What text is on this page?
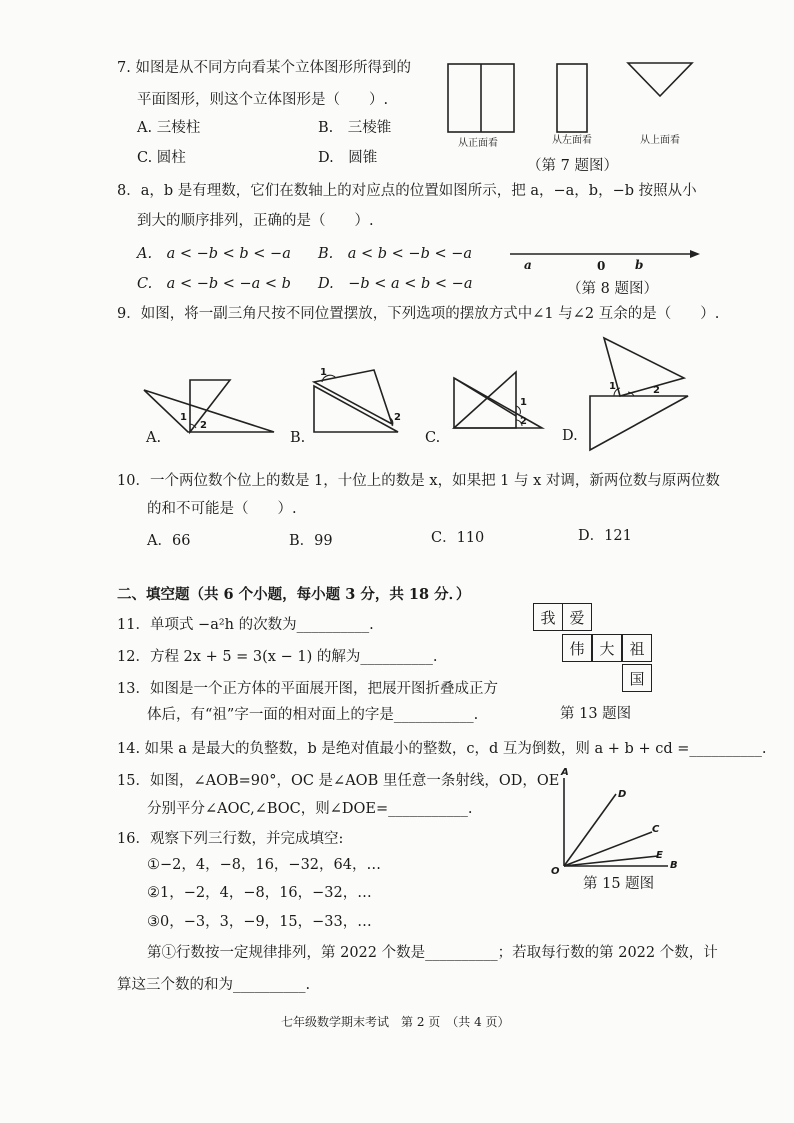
7. 如图是从不同方向看某个立体图形所得到的
平面图形，则这个立体图形是（　　）.
A. 三棱柱	B.　三棱锥
C. 圆柱	D.　圆锥
从正面看	从左面看	从上面看
（第 7 题图）
8．a，b 是有理数，它们在数轴上的对应点的位置如图所示，把 a，−a，b，−b 按照从小
到大的顺序排列，正确的是（　　）.
A.　a < −b < b < −a B.　a < b < −b < −a
C.　a < −b < −a < b D.　−b < a < b < −a
a	0 b
（第 8 题图）
9．如图，将一副三角尺按不同位置摆放，下列选项的摆放方式中∠1 与∠2 互余的是（　　）.
1
2
A.
1
2
B.
1
2
C.
1	2
D.
10．一个两位数个位上的数是 1，十位上的数是 x，如果把 1 与 x 对调，新两位数与原两位数
的和不可能是（　　）.
A．66	B．99	C．110	D．121
二、填空题（共 6 个小题，每小题 3 分，共 18 分．）
11．单项式 −a²h 的次数为__________.
12．方程 2x + 5 = 3(x − 1) 的解为__________.
13．如图是一个正方体的平面展开图，把展开图折叠成正方
体后，有“祖”字一面的相对面上的字是___________.
我 爱
伟 大 祖
国
第 13 题图
14. 如果 a 是最大的负整数，b 是绝对值最小的整数，c，d 互为倒数，则 a + b + cd =__________.
15．如图，∠AOB=90°，OC 是∠AOB 里任意一条射线，OD，OE
分别平分∠AOC,∠BOC，则∠DOE=___________.
A
D
C
E
B
O
第 15 题图
16．观察下列三行数，并完成填空:
①−2，4，−8，16，−32，64，…
②1，−2，4，−8，16，−32，…
③0，−3，3，−9，15，−33，…
第①行数按一定规律排列，第 2022 个数是__________；若取每行数的第 2022 个数，计
算这三个数的和为__________.
七年级数学期末考试　第 2 页　（共 4 页）
